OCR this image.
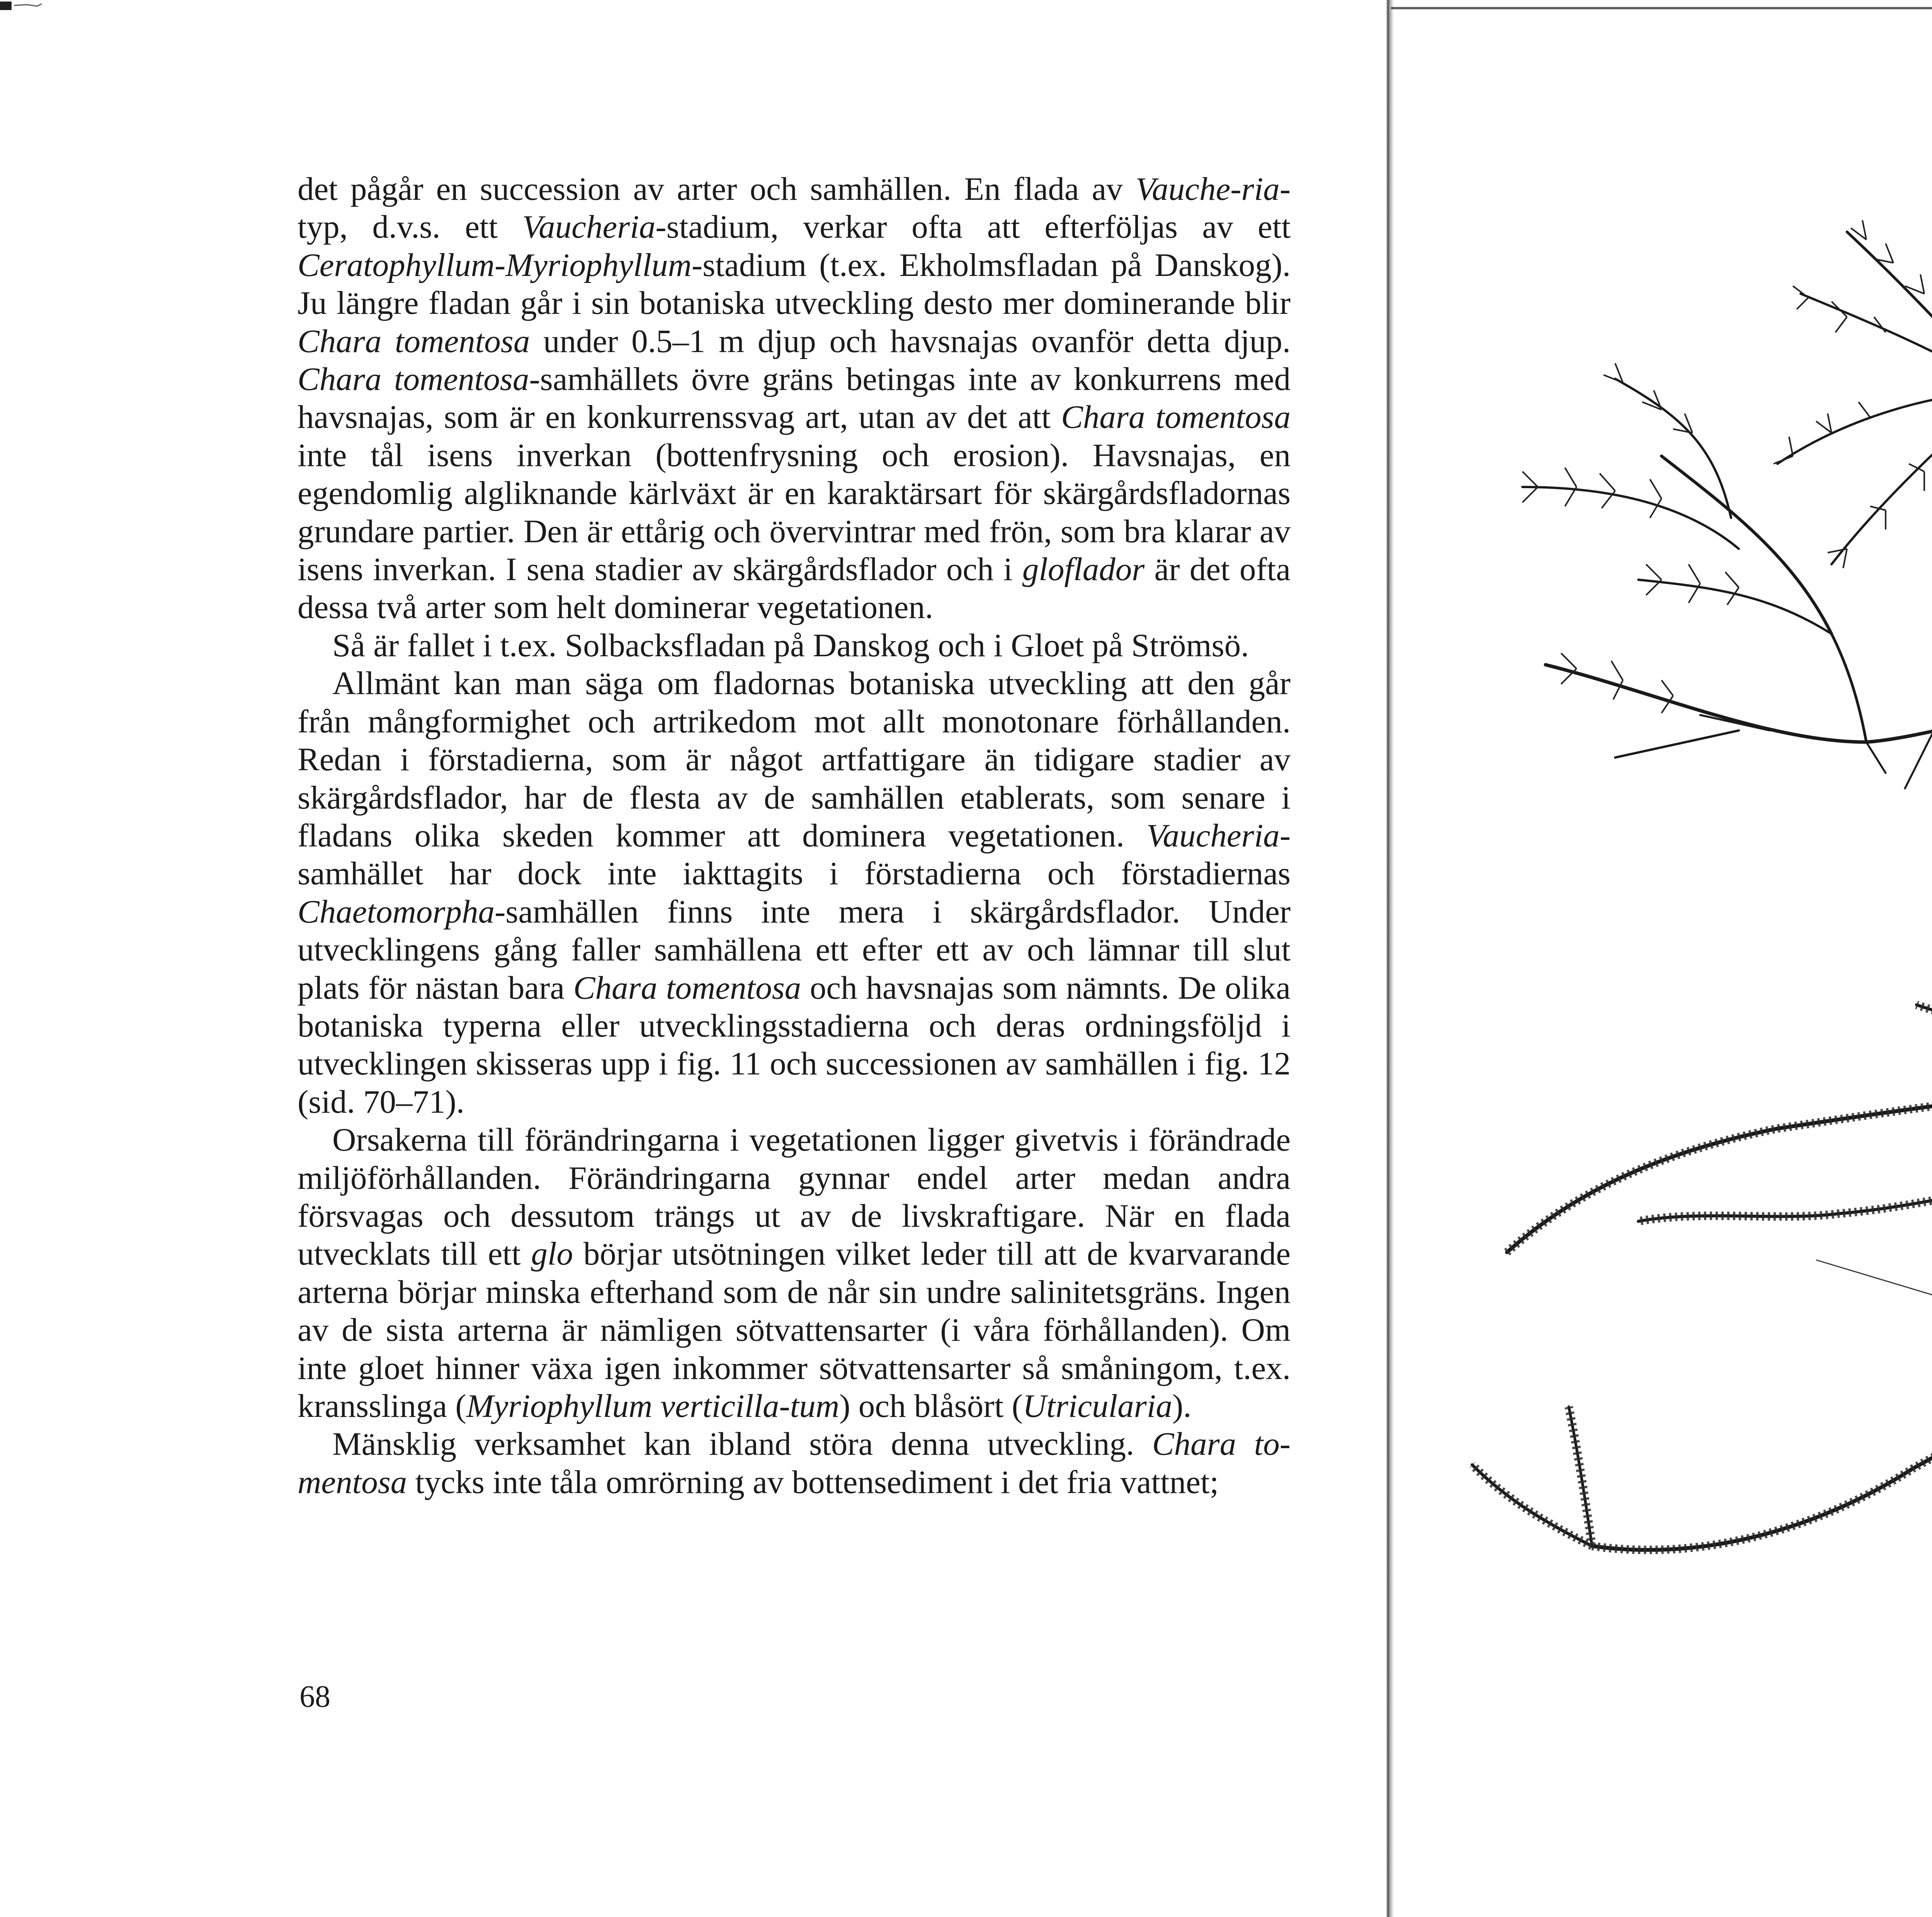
det pågår en succession av arter och samhällen. En flada av Vauche-ria-typ, d.v.s. ett Vaucheria-stadium, verkar ofta att efterföljas av ett Ceratophyllum-Myriophyllum-stadium (t.ex. Ekholmsfladan på Danskog). Ju längre fladan går i sin botaniska utveckling desto mer dominerande blir Chara tomentosa under 0.5–1 m djup och havsnajas ovanför detta djup. Chara tomentosa-samhällets övre gräns betingas inte av konkurrens med havsnajas, som är en konkurrenssvag art, utan av det att Chara tomentosa inte tål isens inverkan (bottenfrysning och erosion). Havsnajas, en egendomlig algliknande kärlväxt är en karaktärsart för skärgårdsfladornas grundare partier. Den är ettårig och övervintrar med frön, som bra klarar av isens inverkan. I sena stadier av skärgårdsflador och i gloflador är det ofta dessa två arter som helt dominerar vegetationen.

Så är fallet i t.ex. Solbacksfladan på Danskog och i Gloet på Strömsö.

Allmänt kan man säga om fladornas botaniska utveckling att den går från mångformighet och artrikedom mot allt monotonare förhållanden. Redan i förstadierna, som är något artfattigare än tidigare stadier av skärgårdsflador, har de flesta av de samhällen etablerats, som senare i fladans olika skeden kommer att dominera vegetationen. Vaucheria-samhället har dock inte iakttagits i förstadierna och förstadiernas Chaetomorpha-samhällen finns inte mera i skärgårdsflador. Under utvecklingens gång faller samhällena ett efter ett av och lämnar till slut plats för nästan bara Chara tomentosa och havsnajas som nämnts. De olika botaniska typerna eller utvecklingsstadierna och deras ordningsföljd i utvecklingen skisseras upp i fig. 11 och successionen av samhällen i fig. 12 (sid. 70–71).

Orsakerna till förändringarna i vegetationen ligger givetvis i förändrade miljöförhållanden. Förändringarna gynnar endel arter medan andra försvagas och dessutom trängs ut av de livskraftigare. När en flada utvecklats till ett glo börjar utsötningen vilket leder till att de kvarvarande arterna börjar minska efterhand som de når sin undre salinitetsgräns. Ingen av de sista arterna är nämligen sötvattensarter (i våra förhållanden). Om inte gloet hinner växa igen inkommer sötvattensarter så småningom, t.ex. kransslinga (Myriophyllum verticilla-tum) och blåsört (Utricularia).

Mänsklig verksamhet kan ibland störa denna utveckling. Chara to-mentosa tycks inte tåla omrörning av bottensediment i det fria vattnet;

68
